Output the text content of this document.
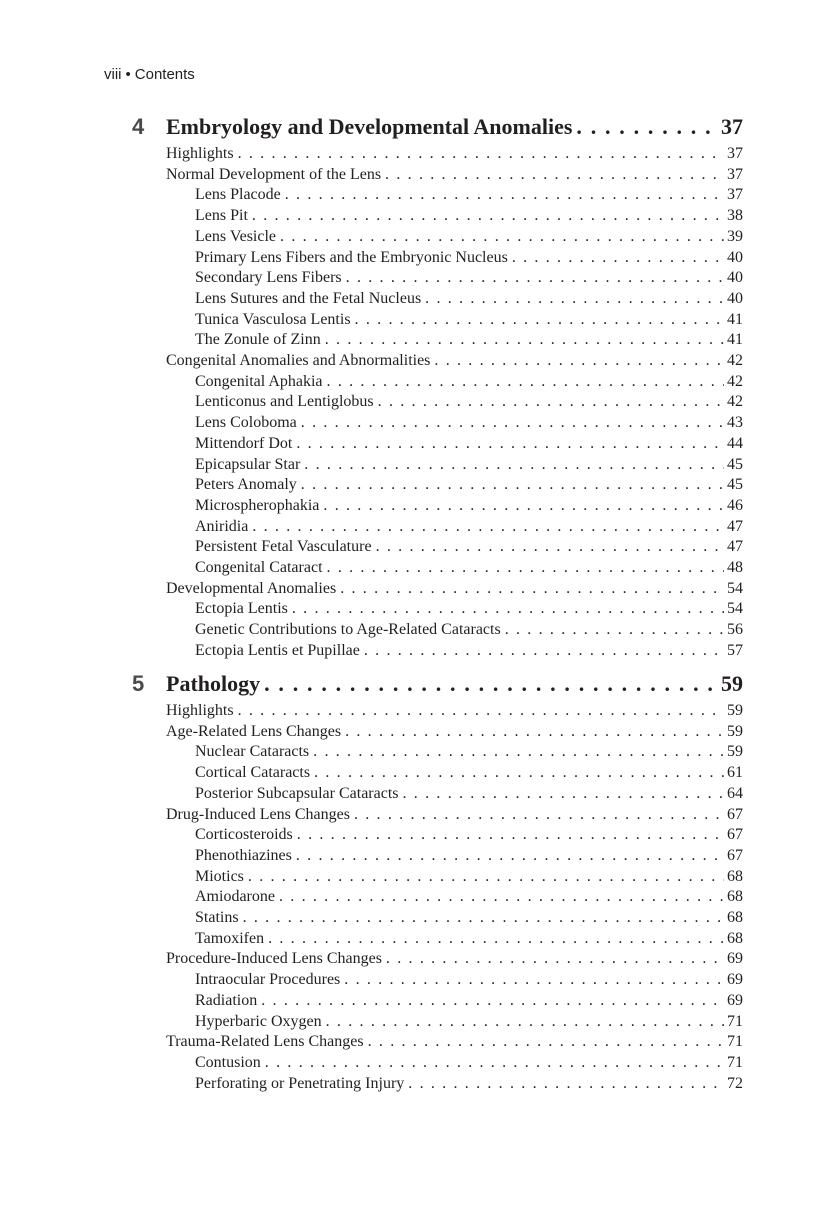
viii • Contents
4 Embryology and Developmental Anomalies . . .	37
Highlights . . .	37
Normal Development of the Lens . . .	37
Lens Placode . . .	37
Lens Pit . . .	38
Lens Vesicle . . .	39
Primary Lens Fibers and the Embryonic Nucleus . . .	40
Secondary Lens Fibers . . .	40
Lens Sutures and the Fetal Nucleus . . .	40
Tunica Vasculosa Lentis . . .	41
The Zonule of Zinn . . .	41
Congenital Anomalies and Abnormalities . . .	42
Congenital Aphakia . . .	42
Lenticonus and Lentiglobus . . .	42
Lens Coloboma . . .	43
Mittendorf Dot . . .	44
Epicapsular Star . . .	45
Peters Anomaly . . .	45
Microspherophakia . . .	46
Aniridia . . .	47
Persistent Fetal Vasculature . . .	47
Congenital Cataract . . .	48
Developmental Anomalies . . .	54
Ectopia Lentis . . .	54
Genetic Contributions to Age-Related Cataracts . . .	56
Ectopia Lentis et Pupillae . . .	57
5 Pathology . . .	59
Highlights . . .	59
Age-Related Lens Changes . . .	59
Nuclear Cataracts . . .	59
Cortical Cataracts . . .	61
Posterior Subcapsular Cataracts . . .	64
Drug-Induced Lens Changes . . .	67
Corticosteroids . . .	67
Phenothiazines . . .	67
Miotics . . .	68
Amiodarone . . .	68
Statins . . .	68
Tamoxifen . . .	68
Procedure-Induced Lens Changes . . .	69
Intraocular Procedures . . .	69
Radiation . . .	69
Hyperbaric Oxygen . . .	71
Trauma-Related Lens Changes . . .	71
Contusion . . .	71
Perforating or Penetrating Injury . . .	72
